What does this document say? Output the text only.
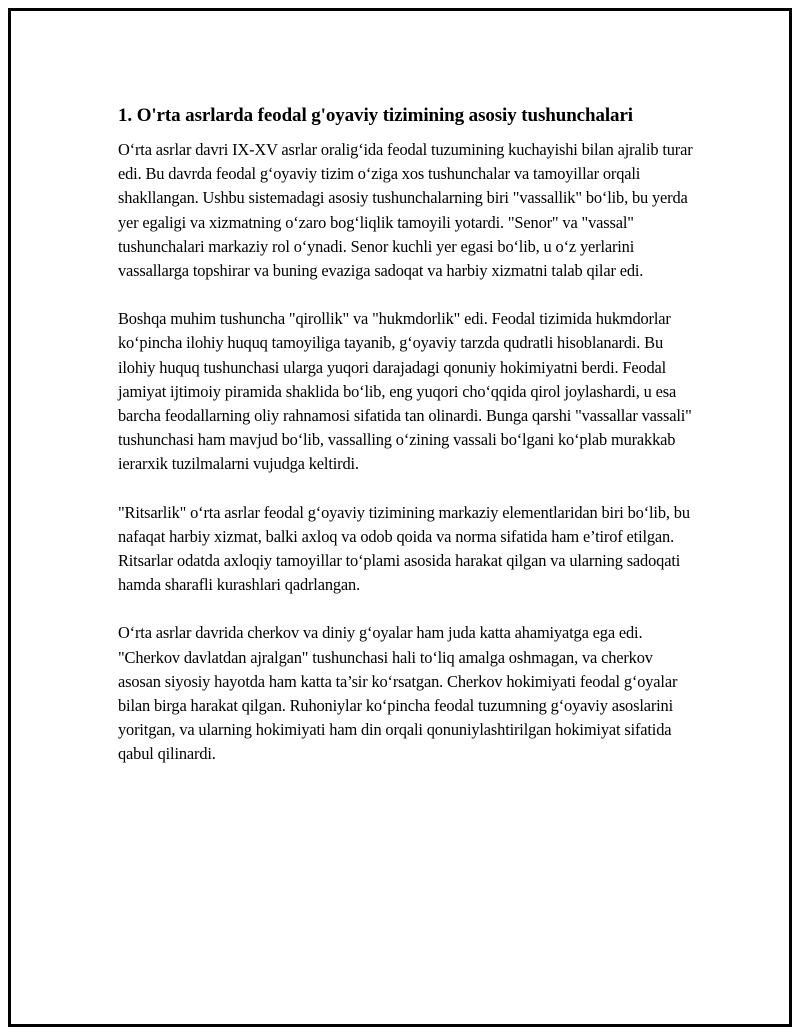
1. O'rta asrlarda feodal g'oyaviy tizimining asosiy tushunchalari

O‘rta asrlar davri IX-XV asrlar oralig‘ida feodal tuzumining kuchayishi bilan ajralib turar edi. Bu davrda feodal g‘oyaviy tizim o‘ziga xos tushunchalar va tamoyillar orqali shakllangan. Ushbu sistemadagi asosiy tushunchalarning biri "vassallik" bo‘lib, bu yerda yer egaligi va xizmatning o‘zaro bog‘liqlik tamoyili yotardi. "Senor" va "vassal" tushunchalari markaziy rol o‘ynadi. Senor kuchli yer egasi bo‘lib, u o‘z yerlarini vassallarga topshirar va buning evaziga sadoqat va harbiy xizmatni talab qilar edi.

Boshqa muhim tushuncha "qirollik" va "hukmdorlik" edi. Feodal tizimida hukmdorlar ko‘pincha ilohiy huquq tamoyiliga tayanib, g‘oyaviy tarzda qudratli hisoblanardi. Bu ilohiy huquq tushunchasi ularga yuqori darajadagi qonuniy hokimiyatni berdi. Feodal jamiyat ijtimoiy piramida shaklida bo‘lib, eng yuqori cho‘qqida qirol joylashardi, u esa barcha feodallarning oliy rahnamosi sifatida tan olinardi. Bunga qarshi "vassallar vassali" tushunchasi ham mavjud bo‘lib, vassalling o‘zining vassali bo‘lgani ko‘plab murakkab ierarxik tuzilmalarni vujudga keltirdi.

"Ritsarlik" o‘rta asrlar feodal g‘oyaviy tizimining markaziy elementlaridan biri bo‘lib, bu nafaqat harbiy xizmat, balki axloq va odob qoida va norma sifatida ham e’tirof etilgan. Ritsarlar odatda axloqiy tamoyillar to‘plami asosida harakat qilgan va ularning sadoqati hamda sharafli kurashlari qadrlangan.

O‘rta asrlar davrida cherkov va diniy g‘oyalar ham juda katta ahamiyatga ega edi. "Cherkov davlatdan ajralgan" tushunchasi hali to‘liq amalga oshmagan, va cherkov asosan siyosiy hayotda ham katta ta’sir ko‘rsatgan. Cherkov hokimiyati feodal g‘oyalar bilan birga harakat qilgan. Ruhoniylar ko‘pincha feodal tuzumning g‘oyaviy asoslarini yoritgan, va ularning hokimiyati ham din orqali qonuniylashtirilgan hokimiyat sifatida qabul qilinardi.
